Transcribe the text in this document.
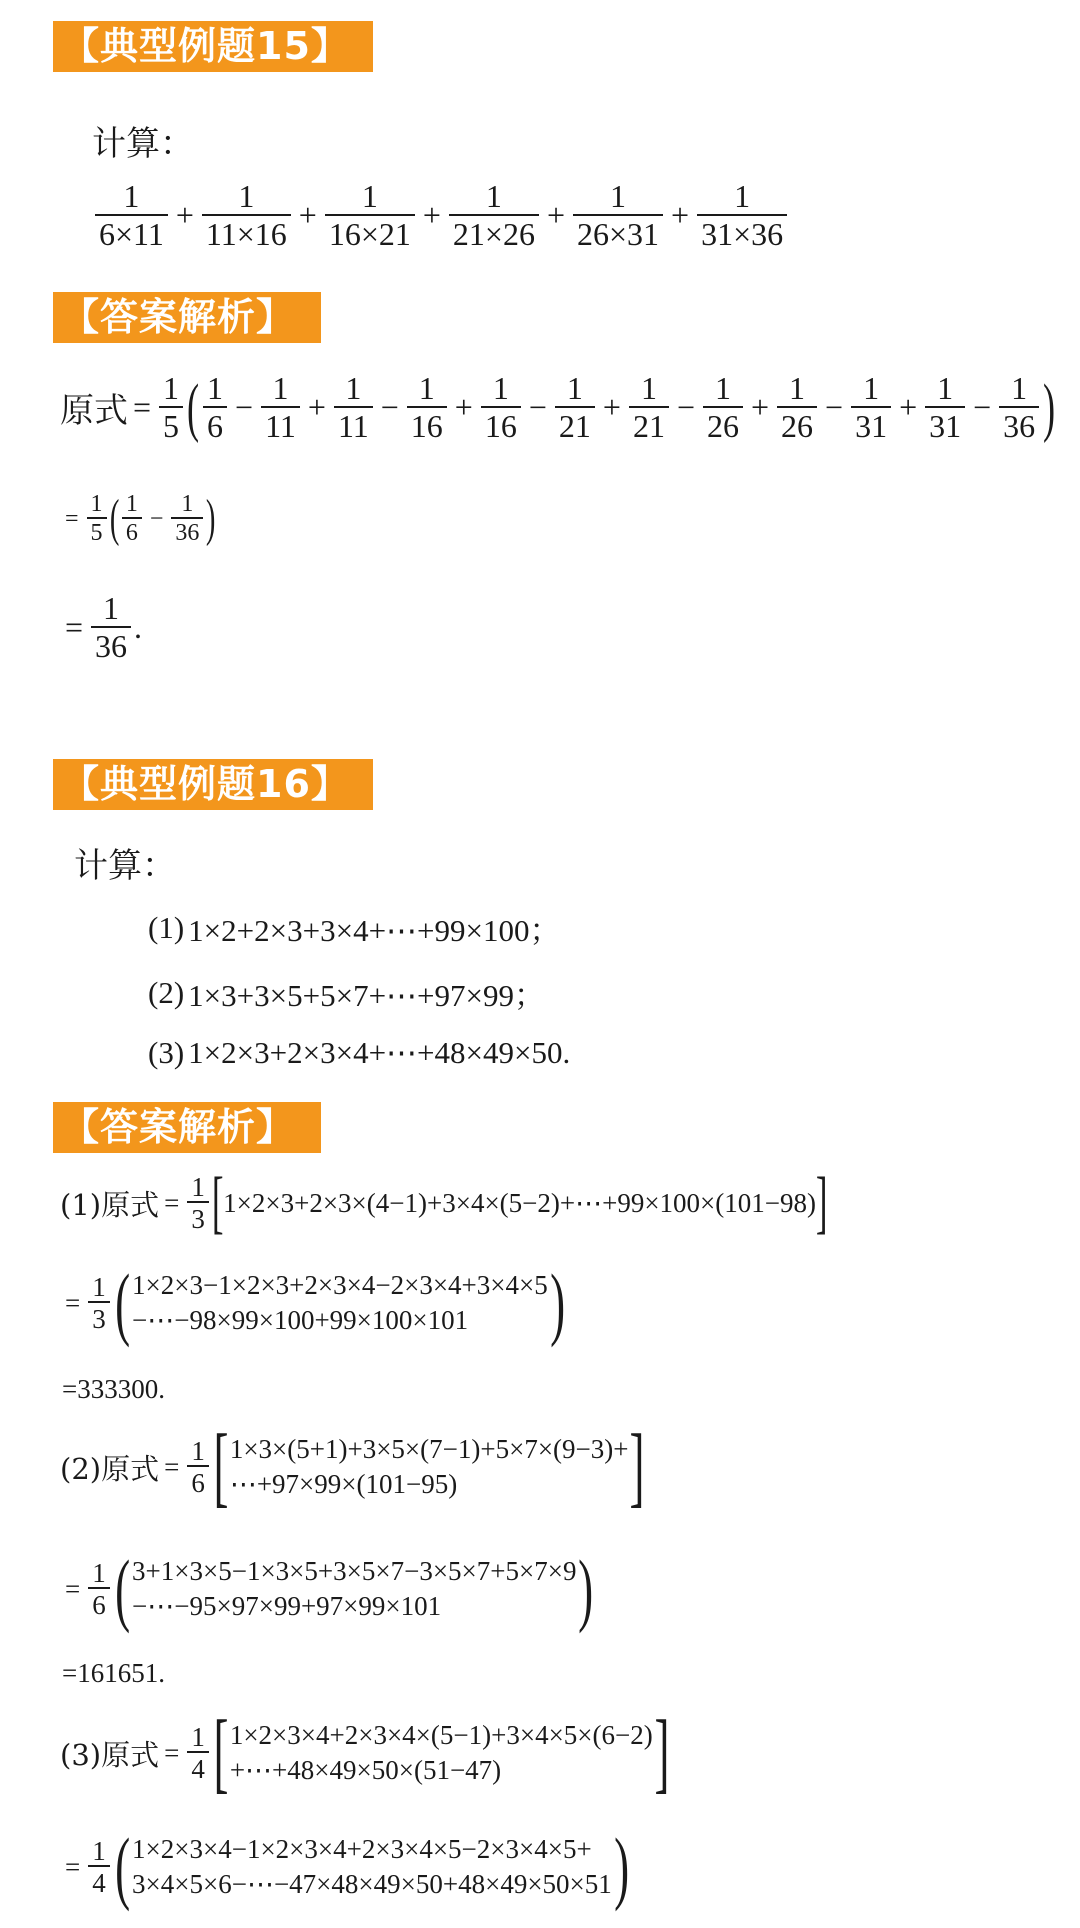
【典型例题15】
计算：
$\frac{1}{6\times 11} + \frac{1}{11\times 16} + \frac{1}{16\times 21} + \frac{1}{21\times 26} + \frac{1}{26\times 31} + \frac{1}{31\times 36}$
【答案解析】
原式 = $\frac{1}{5}$ ( $\frac{1}{6} - \frac{1}{11} + \frac{1}{11} - \frac{1}{16} + \frac{1}{16} - \frac{1}{21} + \frac{1}{21} - \frac{1}{26} + \frac{1}{26} - \frac{1}{31} + \frac{1}{31} - \frac{1}{36}$ )
= $\frac{1}{5}$ ( $\frac{1}{6} - \frac{1}{36}$ )
= $\frac{1}{36}$ .
【典型例题16】
计算：
(1) 1×2+2×3+3×4+⋯+99×100；
(2) 1×3+3×5+5×7+⋯+97×99；
(3) 1×2×3+2×3×4+⋯+48×49×50.
【答案解析】
(1)原式 = $\frac{1}{3}$ [ 1×2×3+2×3×(4−1)+3×4×(5−2)+⋯+99×100×(101−98) ]
= $\frac{1}{3}$ ( 1×2×3−1×2×3+2×3×4−2×3×4+3×4×5
−⋯−98×99×100+99×100×101 )
=333300.
(2)原式 = $\frac{1}{6}$ [ 1×3×(5+1)+3×5×(7−1)+5×7×(9−3)+
⋯+97×99×(101−95)	]
= $\frac{1}{6}$ ( 3+1×3×5−1×3×5+3×5×7−3×5×7+5×7×9
−⋯−95×97×99+97×99×101	)
=161651.
(3)原式 = $\frac{1}{4}$ [ 1×2×3×4+2×3×4×(5−1)+3×4×5×(6−2)
+⋯+48×49×50×(51−47)	]
= $\frac{1}{4}$ ( 1×2×3×4−1×2×3×4+2×3×4×5−2×3×4×5+
3×4×5×6−⋯−47×48×49×50+48×49×50×51 )
